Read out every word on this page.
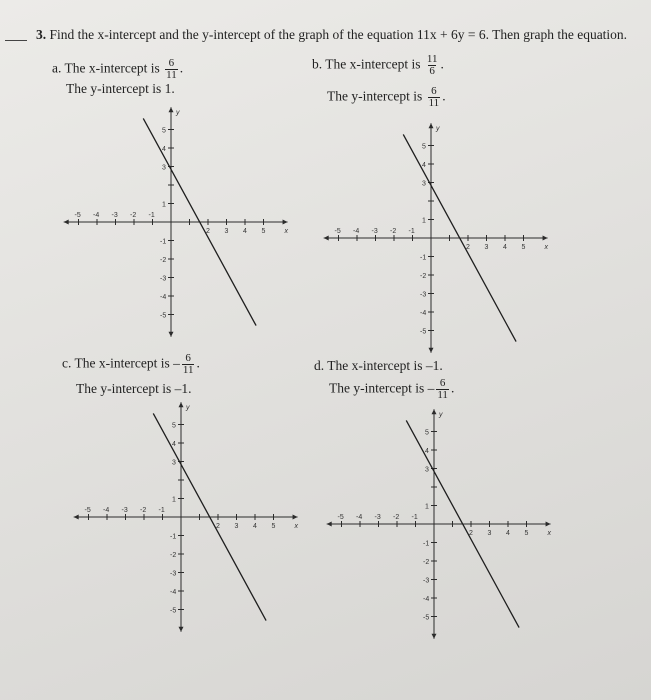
3. Find the x-intercept and the y-intercept of the graph of the equation 11x + 6y = 6. Then graph the equation.
a. The x-intercept is $\frac{6}{11}$ .
The y-intercept is 1.
b. The x-intercept is $\frac{11}{6}$ .
The y-intercept is $\frac{6}{11}$ .
c. The x-intercept is – $\frac{6}{11}$ .
The y-intercept is –1.
d. The x-intercept is –1.
The y-intercept is – $\frac{6}{11}$ .
-5 -4 -3 -2 -1
2 3 4 5
5
4
3
1
-1
-2
-3
-4
-5
x
y
-5 -4 -3 -2 -1
2 3 4 5
5
4
3
1
-1
-2
-3
-4
-5
x
y
-5 -4 -3 -2 -1
2 3 4 5
5
4
3
1
-1
-2
-3
-4
-5
x
y
-5 -4 -3 -2 -1
2 3 4 5
5
4
3
1
-1
-2
-3
-4
-5
x
y
